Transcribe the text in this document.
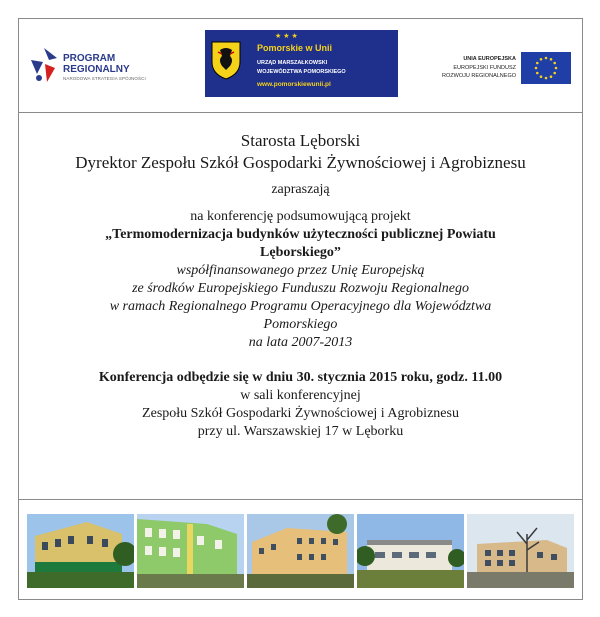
PROGRAM
REGIONALNY
NARODOWA STRATEGIA SPÓJNOŚCI
★★★
Pomorskie w Unii
URZĄD MARSZAŁKOWSKI
WOJEWÓDZTWA POMORSKIEGO
www.pomorskiewunii.pl
UNIA EUROPEJSKA
EUROPEJSKI FUNDUSZ
ROZWOJU REGIONALNEGO
Starosta Lęborski
Dyrektor Zespołu Szkół Gospodarki Żywnościowej i Agrobiznesu
zapraszają
na konferencję podsumowującą projekt
„Termomodernizacja budynków użyteczności publicznej Powiatu
Lęborskiego”
współfinansowanego przez Unię Europejską
ze środków Europejskiego Funduszu Rozwoju Regionalnego
w ramach Regionalnego Programu Operacyjnego dla Województwa
Pomorskiego
na lata 2007-2013
Konferencja odbędzie się w dniu 30. stycznia 2015 roku, godz. 11.00
w sali konferencyjnej
Zespołu Szkół Gospodarki Żywnościowej i Agrobiznesu
przy ul. Warszawskiej 17 w Lęborku
